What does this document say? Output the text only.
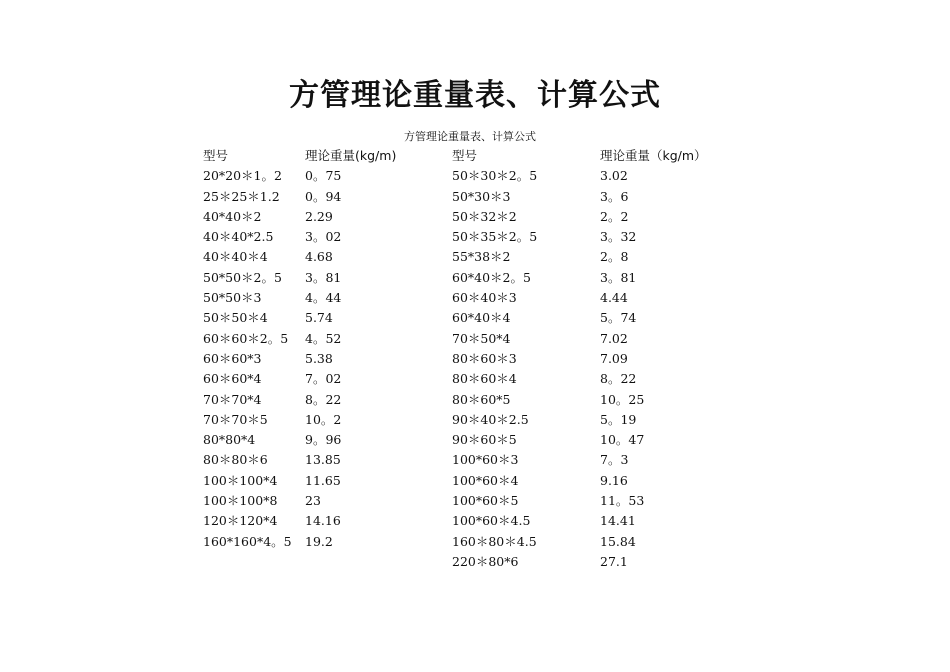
方管理论重量表、计算公式
方管理论重量表、计算公式
型号	理论重量(kg/m)
20*20＊1。2	0。75
25＊25＊1.2	0。94
40*40＊2	2.29
40＊40*2.5	3。02
40＊40＊4	4.68
50*50＊2。5	3。81
50*50＊3	4。44
50＊50＊4	5.74
60＊60＊2。5	4。52
60＊60*3	5.38
60＊60*4	7。02
70＊70*4	8。22
70＊70＊5	10。2
80*80*4	9。96
80＊80＊6	13.85
100＊100*4	11.65
100＊100*8	23
120＊120*4	14.16
160*160*4。5	19.2
型号	理论重量（kg/m）
50＊30＊2。5	3.02
50*30＊3	3。6
50＊32＊2	2。2
50＊35＊2。5	3。32
55*38＊2	2。8
60*40＊2。5	3。81
60＊40＊3	4.44
60*40＊4	5。74
70＊50*4	7.02
80＊60＊3	7.09
80＊60＊4	8。22
80＊60*5	10。25
90＊40＊2.5	5。19
90＊60＊5	10。47
100*60＊3	7。3
100*60＊4	9.16
100*60＊5	11。53
100*60＊4.5	14.41
160＊80＊4.5	15.84
220＊80*6	27.1
